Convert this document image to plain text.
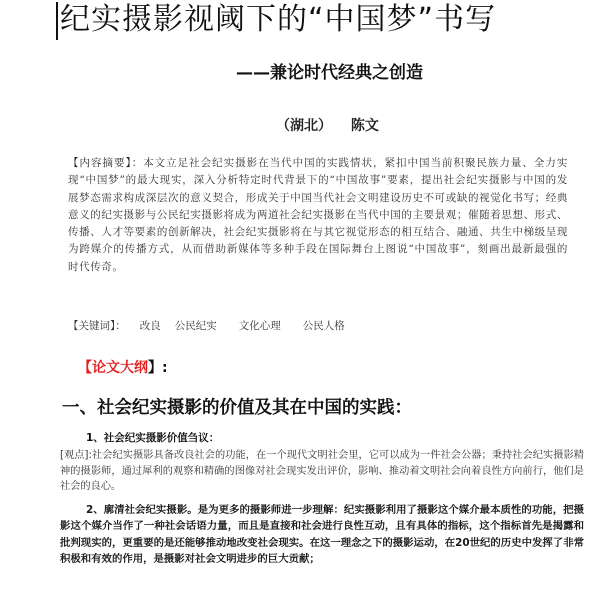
纪实摄影视阈下的“中国梦”书写
——兼论时代经典之创造
（湖北） 陈文
【内容摘要】：本文立足社会纪实摄影在当代中国的实践情状，紧扣中国当前积聚民族力量、全力实现“中国梦”的最大现实，深入分析特定时代背景下的“中国故事”要素，提出社会纪实摄影与中国的发展梦态需求构成深层次的意义契合，形成关于中国当代社会文明建设历史不可或缺的视觉化书写；经典意义的纪实摄影与公民纪实摄影将成为两道社会纪实摄影在当代中国的主要景观；催随着思想、形式、传播、人才等要素的创新解决，社会纪实摄影将在与其它视觉形态的相互结合、融通、共生中梯级呈现为跨媒介的传播方式，从而借助新媒体等多种手段在国际舞台上图说“中国故事”，刻画出最新最强的时代传奇。
【关键词】： 改良 公民纪实 文化心理 公民人格
【论文大纲】:
一、社会纪实摄影的价值及其在中国的实践：
1、社会纪实摄影价值刍议：
[观点]:社会纪实摄影具备改良社会的功能，在一个现代文明社会里，它可以成为一件社会公器；秉持社会纪实摄影精神的摄影师，通过犀利的观察和精确的图像对社会现实发出评价，影响、推动着文明社会向着良性方向前行，他们是社会的良心。
2、廓清社会纪实摄影。是为更多的摄影师进一步理解：纪实摄影利用了摄影这个媒介最本质性的功能，把摄影这个媒介当作了一种社会话语力量，而且是直接和社会进行良性互动，且有具体的指标，这个指标首先是揭露和批判现实的，更重要的是还能够推动地改变社会现实。在这一理念之下的摄影运动，在20世纪的历史中发挥了非常积极和有效的作用，是摄影对社会文明进步的巨大贡献；
